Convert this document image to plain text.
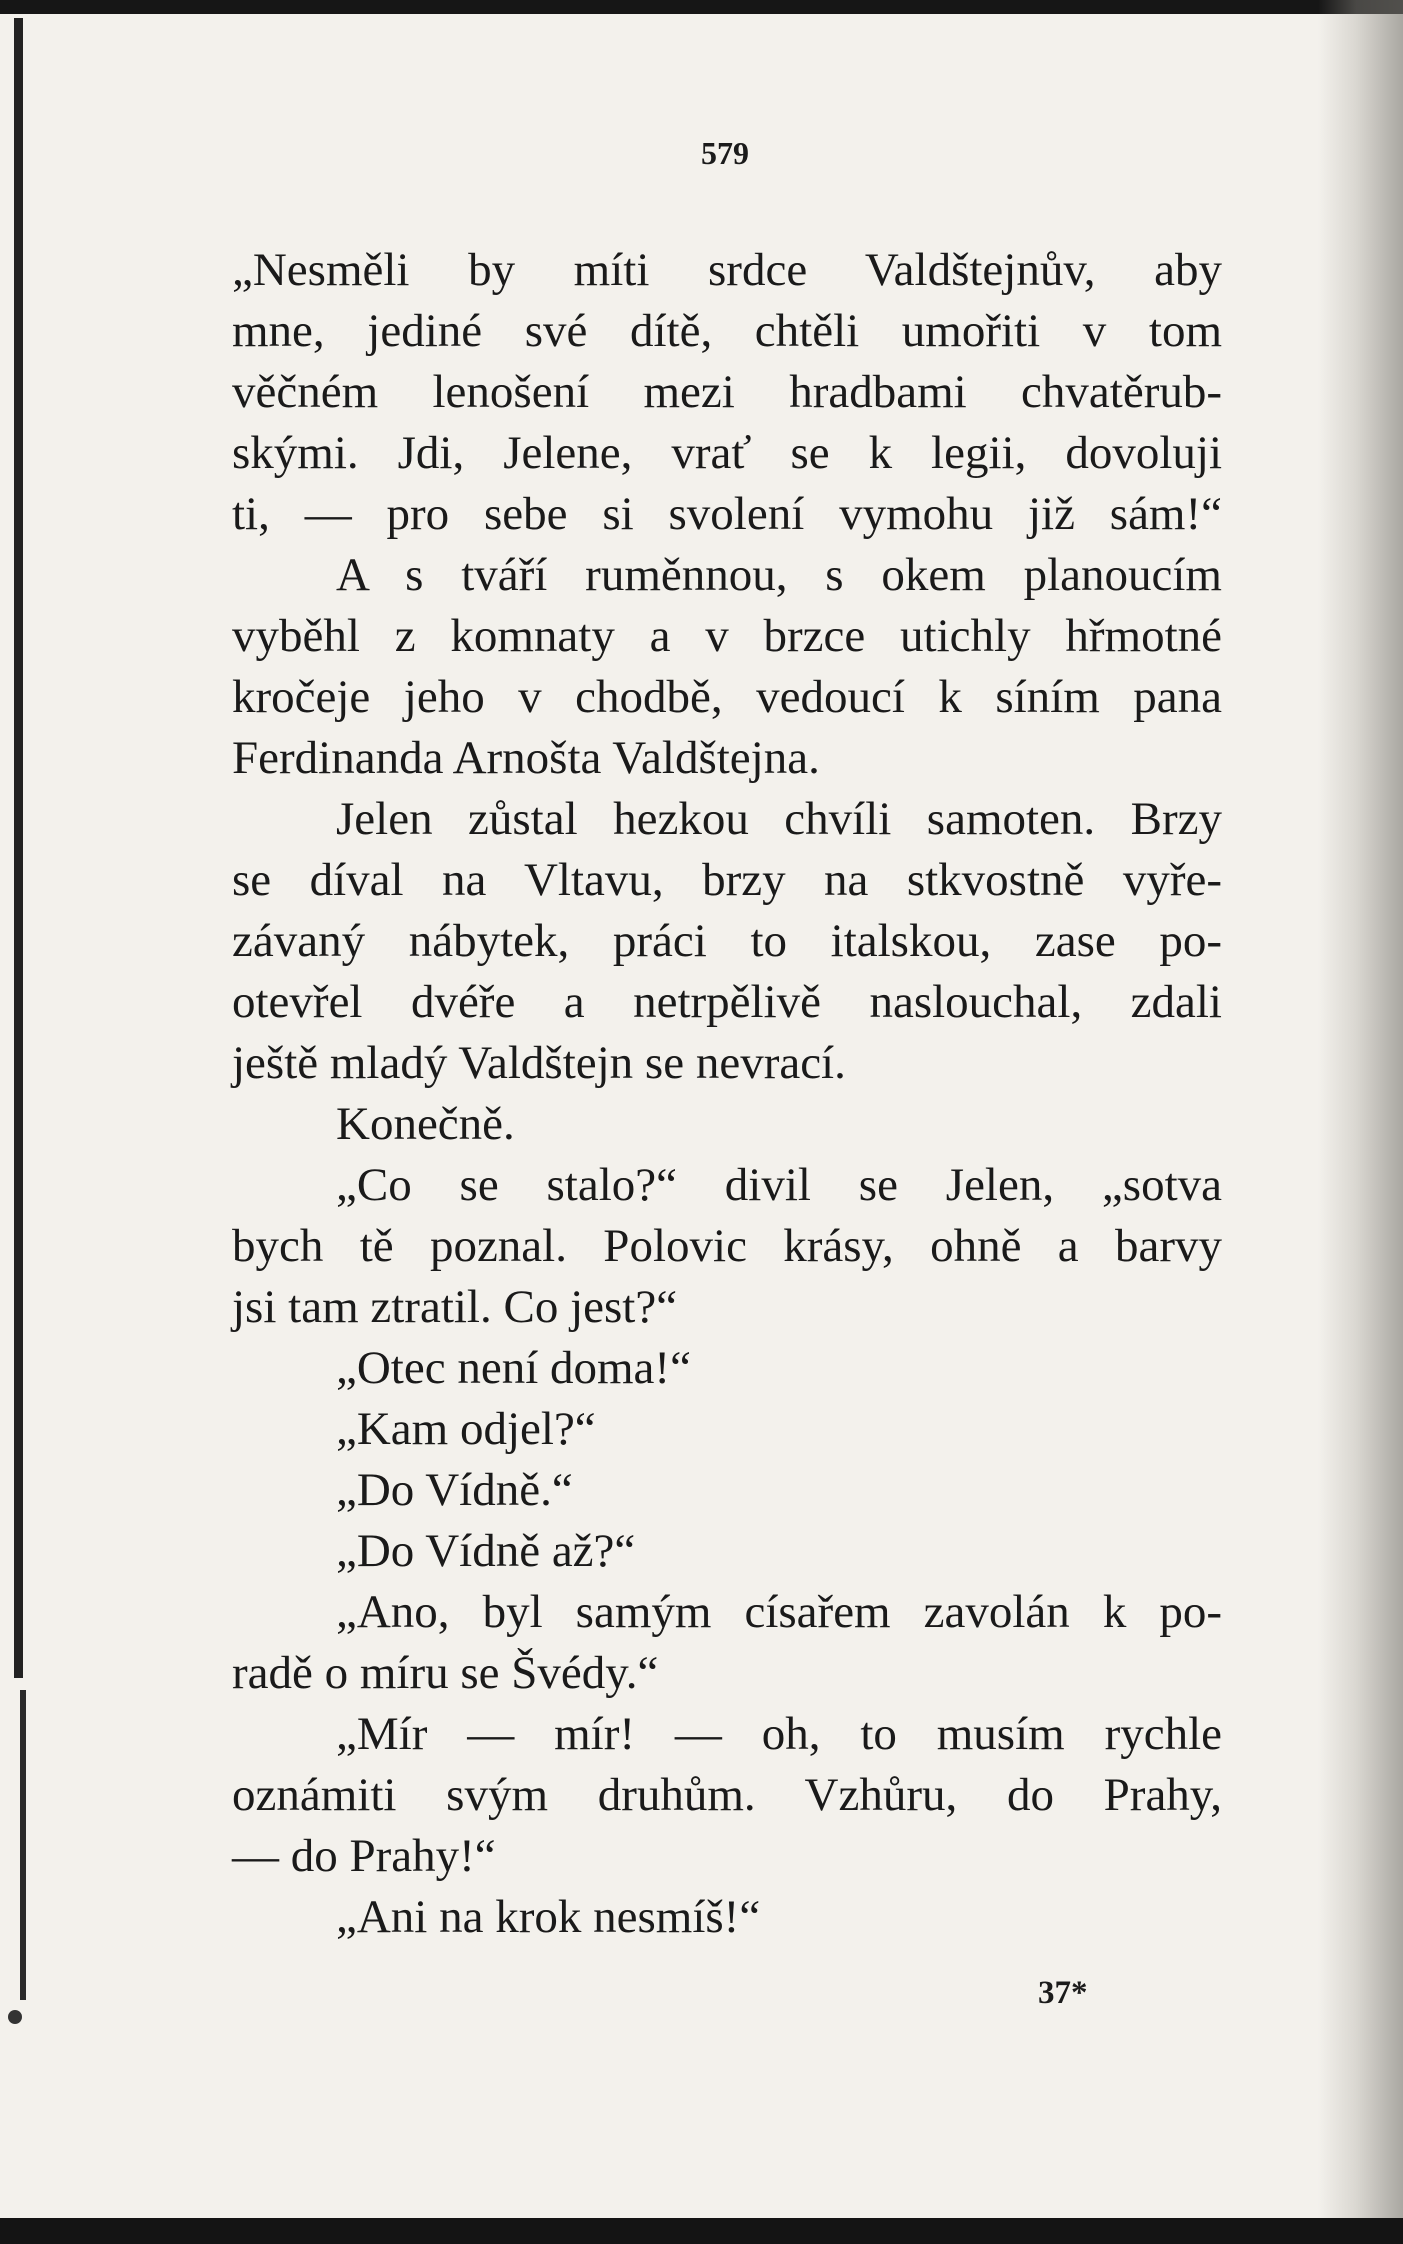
579
„Nesměli by míti srdce Valdštejnův, aby
mne, jediné své dítě, chtěli umořiti v tom
věčném lenošení mezi hradbami chvatěrub-
skými. Jdi, Jelene, vrať se k legii, dovoluji
ti, — pro sebe si svolení vymohu již sám!“
A s tváří ruměnnou, s okem planoucím
vyběhl z komnaty a v brzce utichly hřmotné
kročeje jeho v chodbě, vedoucí k síním pana
Ferdinanda Arnošta Valdštejna.
Jelen zůstal hezkou chvíli samoten. Brzy
se díval na Vltavu, brzy na stkvostně vyře-
závaný nábytek, práci to italskou, zase po-
otevřel dvéře a netrpělivě naslouchal, zdali
ještě mladý Valdštejn se nevrací.
Konečně.
„Co se stalo?“ divil se Jelen, „sotva
bych tě poznal. Polovic krásy, ohně a barvy
jsi tam ztratil. Co jest?“
„Otec není doma!“
„Kam odjel?“
„Do Vídně.“
„Do Vídně až?“
„Ano, byl samým císařem zavolán k po-
radě o míru se Švédy.“
„Mír — mír! — oh, to musím rychle
oznámiti svým druhům. Vzhůru, do Prahy,
— do Prahy!“
„Ani na krok nesmíš!“
37*
